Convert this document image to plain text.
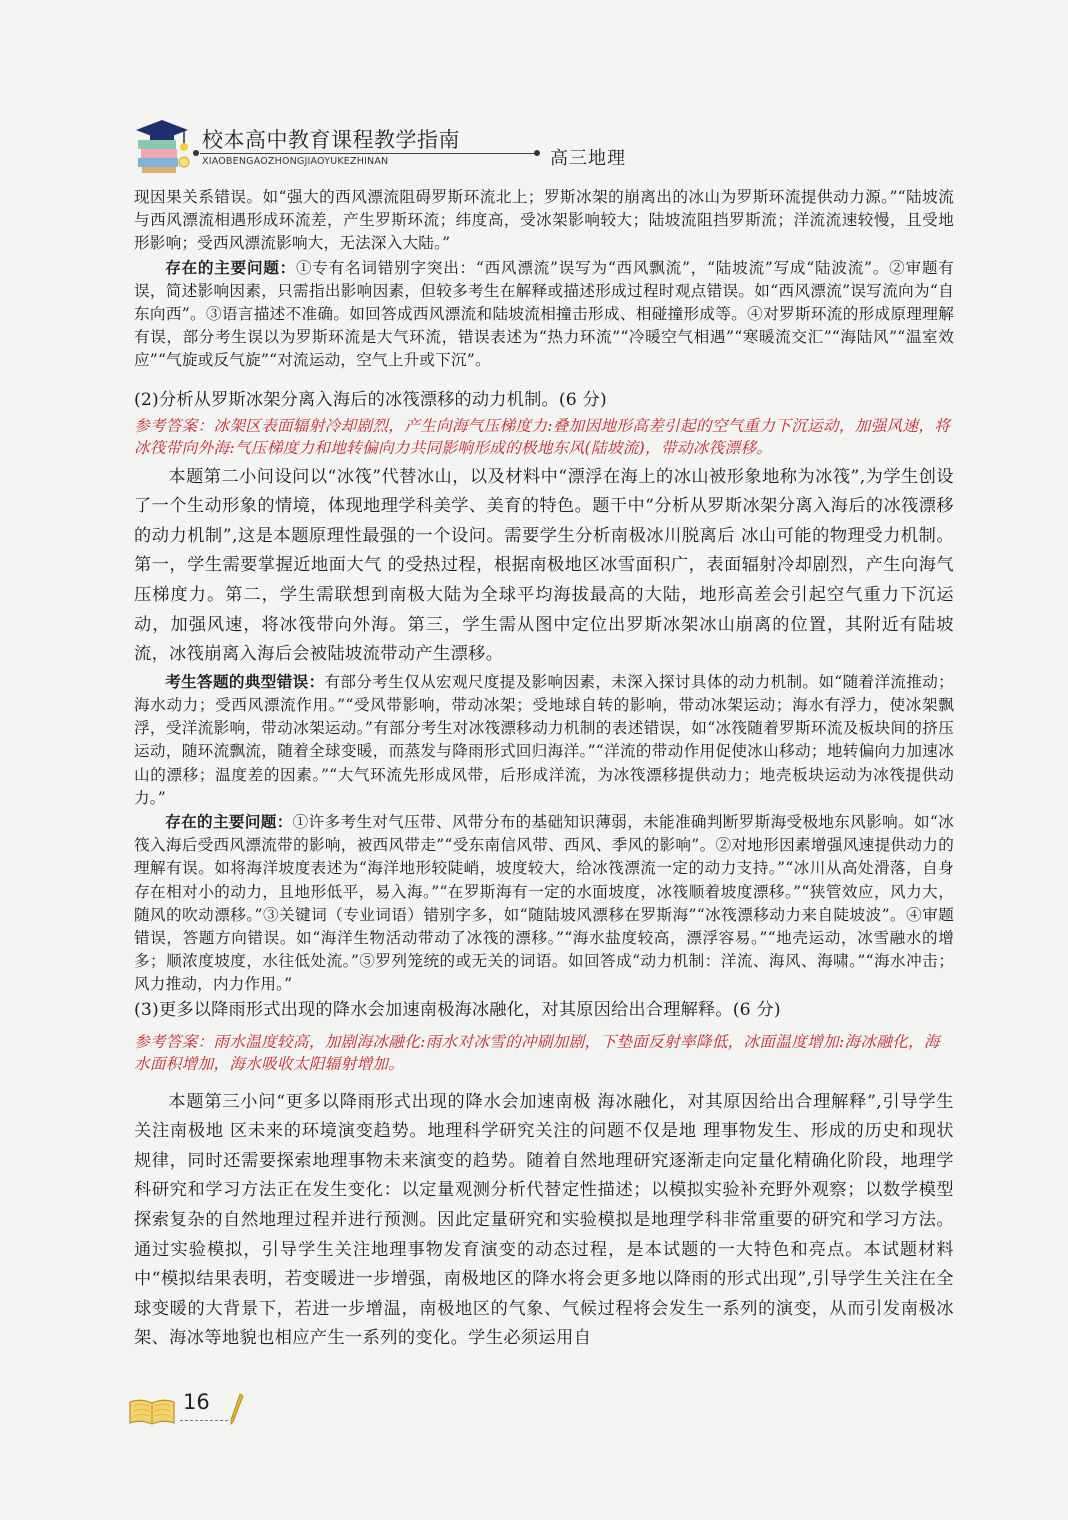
校本高中教育课程教学指南
XIAOBENGAOZHONGJIAOYUKEZHINAN	高三地理

现因果关系错误。如“强大的西风漂流阻碍罗斯环流北上；罗斯冰架的崩离出的冰山为罗斯环流提供动力源。”“陆坡流与西风漂流相遇形成环流差，产生罗斯环流；纬度高，受冰架影响较大；陆坡流阻挡罗斯流；洋流流速较慢，且受地形影响；受西风漂流影响大，无法深入大陆。”

存在的主要问题：①专有名词错别字突出：“西风漂流”误写为“西风飘流”，“陆坡流”写成“陆波流”。②审题有误，简述影响因素，只需指出影响因素，但较多考生在解释或描述形成过程时观点错误。如“西风漂流”误写流向为“自东向西”。③语言描述不准确。如回答成西风漂流和陆坡流相撞击形成、相碰撞形成等。④对罗斯环流的形成原理理解有误，部分考生误以为罗斯环流是大气环流，错误表述为“热力环流”“冷暖空气相遇”“寒暖流交汇”“海陆风”“温室效应”“气旋或反气旋”“对流运动，空气上升或下沉”。

(2)分析从罗斯冰架分离入海后的冰筏漂移的动力机制。(6 分)

参考答案：冰架区表面辐射冷却剧烈，产生向海气压梯度力:叠加因地形高差引起的空气重力下沉运动，加强风速，将冰筏带向外海:气压梯度力和地转偏向力共同影响形成的极地东风(陆坡流)，带动冰筏漂移。

本题第二小问设问以“冰筏”代替冰山，以及材料中“漂浮在海上的冰山被形象地称为冰筏”,为学生创设了一个生动形象的情境，体现地理学科美学、美育的特色。题干中“分析从罗斯冰架分离入海后的冰筏漂移的动力机制”,这是本题原理性最强的一个设问。需要学生分析南极冰川脱离后 冰山可能的物理受力机制。第一，学生需要掌握近地面大气 的受热过程，根据南极地区冰雪面积广，表面辐射冷却剧烈，产生向海气压梯度力。第二，学生需联想到南极大陆为全球平均海拔最高的大陆，地形高差会引起空气重力下沉运动，加强风速，将冰筏带向外海。第三，学生需从图中定位出罗斯冰架冰山崩离的位置，其附近有陆坡流，冰筏崩离入海后会被陆坡流带动产生漂移。

考生答题的典型错误：有部分考生仅从宏观尺度提及影响因素，未深入探讨具体的动力机制。如“随着洋流推动；海水动力；受西风漂流作用。”“受风带影响，带动冰架；受地球自转的影响，带动冰架运动；海水有浮力，使冰架飘浮，受洋流影响，带动冰架运动。”有部分考生对冰筏漂移动力机制的表述错误，如“冰筏随着罗斯环流及板块间的挤压运动，随环流飘流，随着全球变暖，而蒸发与降雨形式回归海洋。”“洋流的带动作用促使冰山移动；地转偏向力加速冰山的漂移；温度差的因素。”“大气环流先形成风带，后形成洋流，为冰筏漂移提供动力；地壳板块运动为冰筏提供动力。”

存在的主要问题：①许多考生对气压带、风带分布的基础知识薄弱，未能准确判断罗斯海受极地东风影响。如“冰筏入海后受西风漂流带的影响，被西风带走”“受东南信风带、西风、季风的影响”。②对地形因素增强风速提供动力的理解有误。如将海洋坡度表述为“海洋地形较陡峭，坡度较大，给冰筏漂流一定的动力支持。”“冰川从高处滑落，自身存在相对小的动力，且地形低平，易入海。”“在罗斯海有一定的水面坡度，冰筏顺着坡度漂移。”“狭管效应，风力大，随风的吹动漂移。”③关键词（专业词语）错别字多，如“随陆坡风漂移在罗斯海”“冰筏漂移动力来自陡坡波”。④审题错误，答题方向错误。如“海洋生物活动带动了冰筏的漂移。”“海水盐度较高，漂浮容易。”“地壳运动，冰雪融水的增多；顺浓度坡度，水往低处流。”⑤罗列笼统的或无关的词语。如回答成“动力机制：洋流、海风、海啸。”“海水冲击；风力推动，内力作用。”

(3)更多以降雨形式出现的降水会加速南极海冰融化，对其原因给出合理解释。(6 分)

参考答案：雨水温度较高，加剧海冰融化:雨水对冰雪的冲刷加剧，下垫面反射率降低，冰面温度增加:海冰融化，海水面积增加，海水吸收太阳辐射增加。

本题第三小问“更多以降雨形式出现的降水会加速南极 海冰融化，对其原因给出合理解释”,引导学生关注南极地 区未来的环境演变趋势。地理科学研究关注的问题不仅是地 理事物发生、形成的历史和现状规律，同时还需要探索地理事物未来演变的趋势。随着自然地理研究逐渐走向定量化精确化阶段，地理学科研究和学习方法正在发生变化：以定量观测分析代替定性描述；以模拟实验补充野外观察；以数学模型探索复杂的自然地理过程并进行预测。因此定量研究和实验模拟是地理学科非常重要的研究和学习方法。通过实验模拟，引导学生关注地理事物发育演变的动态过程，是本试题的一大特色和亮点。本试题材料中“模拟结果表明，若变暖进一步增强，南极地区的降水将会更多地以降雨的形式出现”,引导学生关注在全球变暖的大背景下，若进一步增温，南极地区的气象、气候过程将会发生一系列的演变，从而引发南极冰架、海冰等地貌也相应产生一系列的变化。学生必须运用自

16
